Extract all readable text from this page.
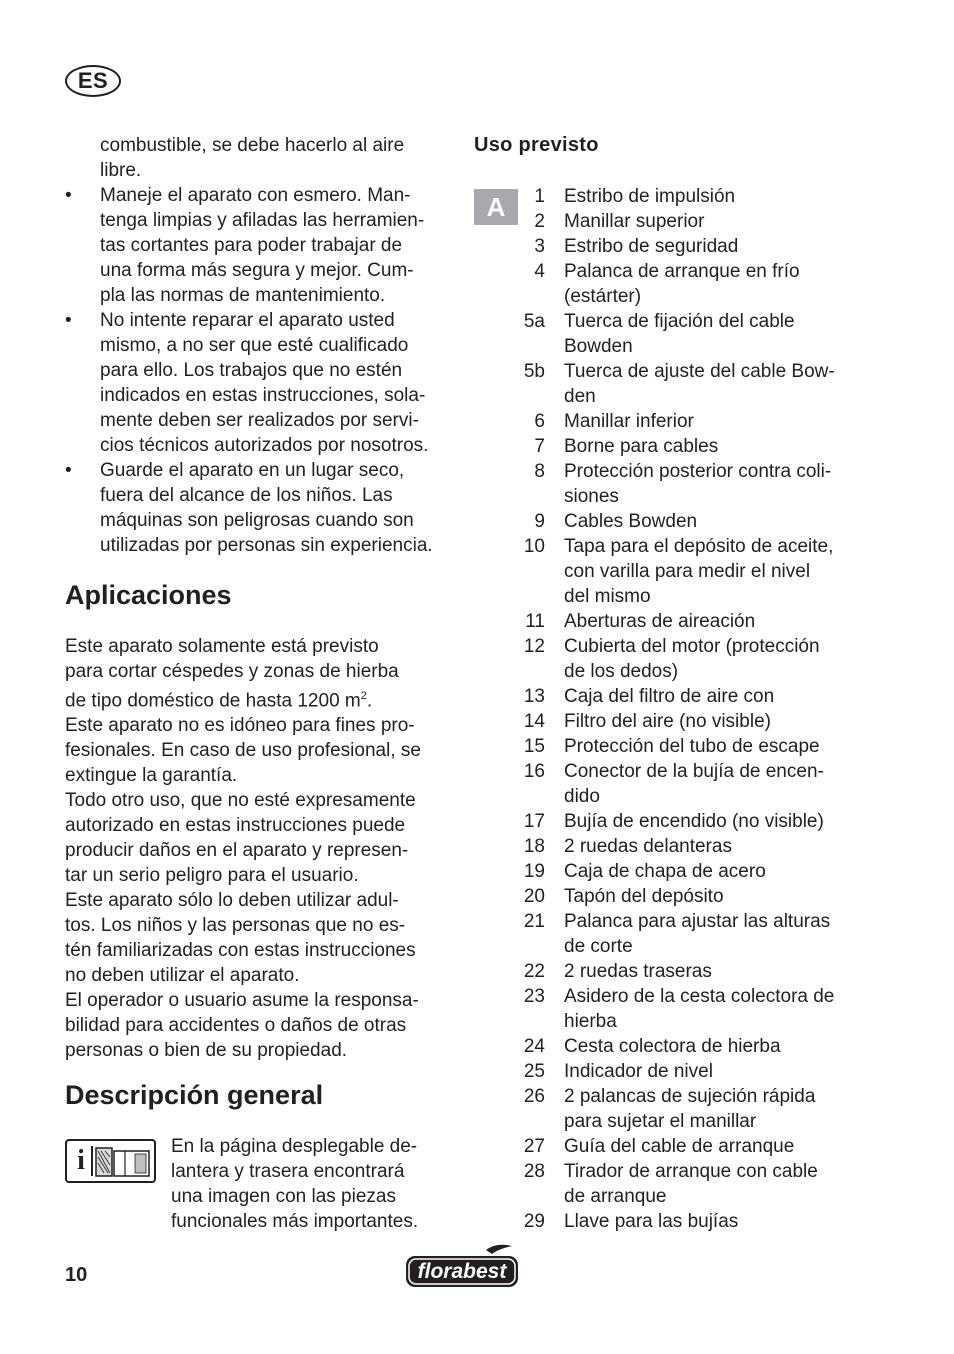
ES

combustible, se debe hacerlo al aire

libre.

•	Maneje el aparato con esmero. Man-
tenga limpias y afiladas las herramien-
tas cortantes para poder trabajar de
una forma más segura y mejor. Cum-
pla las normas de mantenimiento.
•	No intente reparar el aparato usted
mismo, a no ser que esté cualificado
para ello. Los trabajos que no estén
indicados en estas instrucciones, sola-
mente deben ser realizados por servi-
cios técnicos autorizados por nosotros.
•	Guarde el aparato en un lugar seco,
fuera del alcance de los niños. Las
máquinas son peligrosas cuando son
utilizadas por personas sin experiencia.
Aplicaciones
Este aparato solamente está previsto
para cortar céspedes y zonas de hierba
de tipo doméstico de hasta 1200 $m^2$.
Este aparato no es idóneo para fines pro-
fesionales. En caso de uso profesional, se
extingue la garantía.
Todo otro uso, que no esté expresamente
autorizado en estas instrucciones puede
producir daños en el aparato y represen-
tar un serio peligro para el usuario.
Este aparato sólo lo deben utilizar adul-
tos. Los niños y las personas que no es-
tén familiarizadas con estas instrucciones
no deben utilizar el aparato.
El operador o usuario asume la responsa-
bilidad para accidentes o daños de otras
personas o bien de su propiedad.
Descripción general
i	En la página desplegable de-
lantera y trasera encontrará
una imagen con las piezas
funcionales más importantes.
Uso previsto
A	1 Estribo de impulsión
2 Manillar superior
3 Estribo de seguridad
4 Palanca de arranque en frío
(estárter)
5a Tuerca de fijación del cable
Bowden
5b Tuerca de ajuste del cable Bow-
den
6 Manillar inferior
7 Borne para cables
8 Protección posterior contra coli-
siones
9 Cables Bowden
10 Tapa para el depósito de aceite,
con varilla para medir el nivel
del mismo
11 Aberturas de aireación
12 Cubierta del motor (protección
de los dedos)
13 Caja del filtro de aire con
14 Filtro del aire (no visible)
15 Protección del tubo de escape
16 Conector de la bujía de encen-
dido
17 Bujía de encendido (no visible)
18 2 ruedas delanteras
19 Caja de chapa de acero
20 Tapón del depósito
21 Palanca para ajustar las alturas
de corte
22 2 ruedas traseras
23 Asidero de la cesta colectora de
hierba
24 Cesta colectora de hierba
25 Indicador de nivel
26 2 palancas de sujeción rápida
para sujetar el manillar
27 Guía del cable de arranque
28 Tirador de arranque con cable
de arranque
29 Llave para las bujías
10	florabest
